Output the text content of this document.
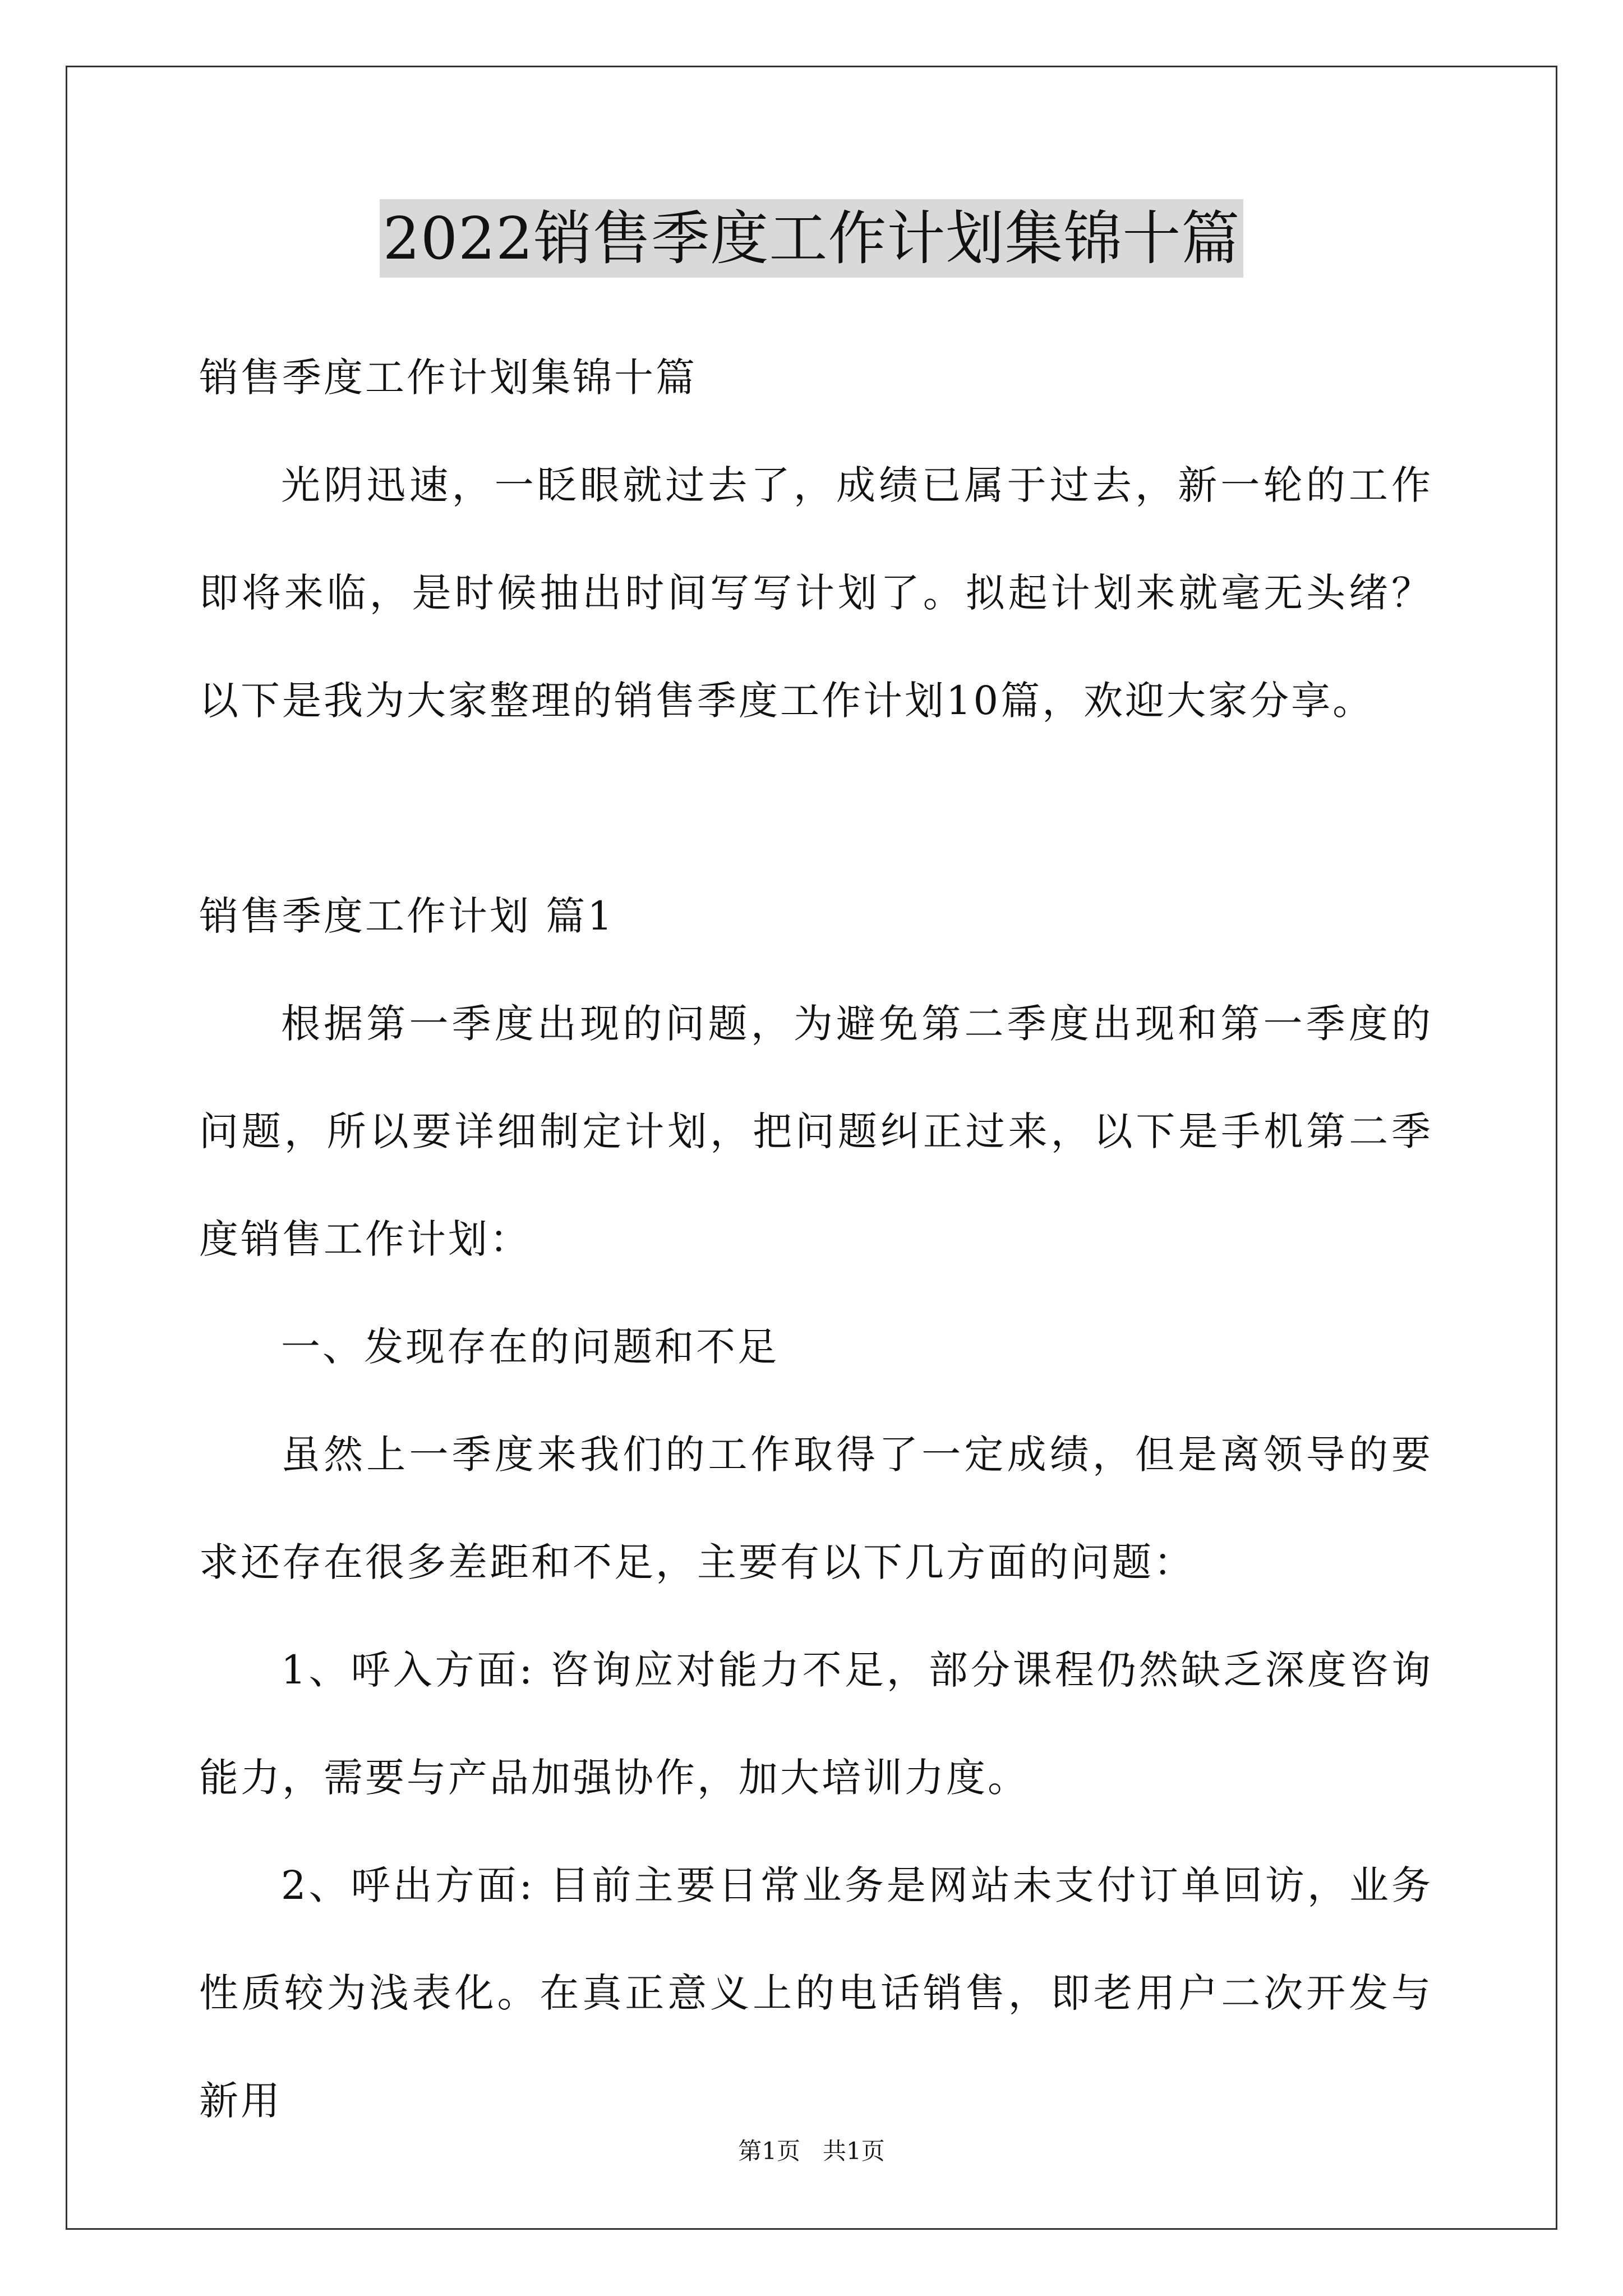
2022销售季度工作计划集锦十篇

销售季度工作计划集锦十篇

光阴迅速，一眨眼就过去了，成绩已属于过去，新一轮的工作即将来临，是时候抽出时间写写计划了。拟起计划来就毫无头绪？以下是我为大家整理的销售季度工作计划10篇，欢迎大家分享。

销售季度工作计划 篇1

根据第一季度出现的问题，为避免第二季度出现和第一季度的问题，所以要详细制定计划，把问题纠正过来，以下是手机第二季度销售工作计划：

一、发现存在的问题和不足

虽然上一季度来我们的工作取得了一定成绩，但是离领导的要求还存在很多差距和不足，主要有以下几方面的问题：

1、呼入方面: 咨询应对能力不足，部分课程仍然缺乏深度咨询能力，需要与产品加强协作，加大培训力度。

2、呼出方面: 目前主要日常业务是网站未支付订单回访，业务性质较为浅表化。在真正意义上的电话销售，即老用户二次开发与新用

第1页   共1页
